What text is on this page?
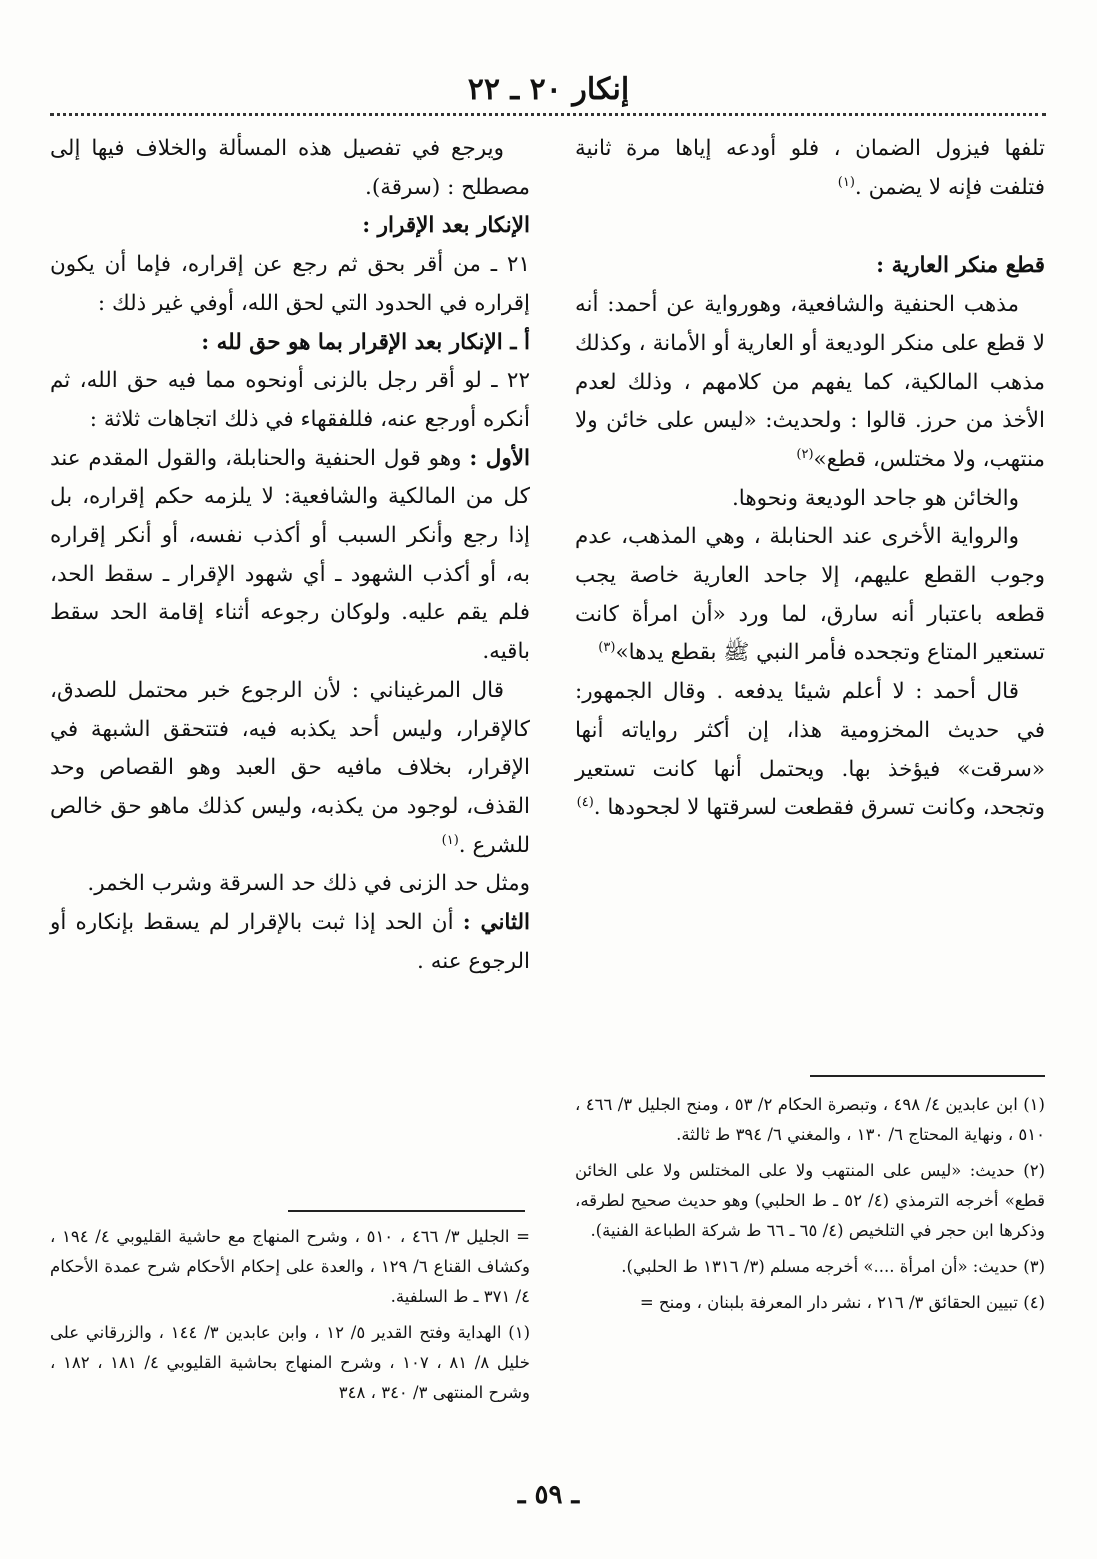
إنكار ٢٠ ـ ٢٢

تلفها فيزول الضمان ، فلو أودعه إياها مرة ثانية فتلفت فإنه لا يضمن .$^{(١)}$

قطع منكر العارية :

مذهب الحنفية والشافعية، وهورواية عن أحمد: أنه لا قطع على منكر الوديعة أو العارية أو الأمانة ، وكذلك مذهب المالكية، كما يفهم من كلامهم ، وذلك لعدم الأخذ من حرز. قالوا : ولحديث: «ليس على خائن ولا منتهب، ولا مختلس، قطع»$^{(٢)}$

والخائن هو جاحد الوديعة ونحوها.

والرواية الأخرى عند الحنابلة ، وهي المذهب، عدم وجوب القطع عليهم، إلا جاحد العارية خاصة يجب قطعه باعتبار أنه سارق، لما ورد «أن امرأة كانت تستعير المتاع وتجحده فأمر النبي ﷺ بقطع يدها»$^{(٣)}$

قال أحمد : لا أعلم شيئا يدفعه . وقال الجمهور: في حديث المخزومية هذا، إن أكثر رواياته أنها «سرقت» فيؤخذ بها. ويحتمل أنها كانت تستعير وتجحد، وكانت تسرق فقطعت لسرقتها لا لجحودها .$^{(٤)}$

ويرجع في تفصيل هذه المسألة والخلاف فيها إلى مصطلح : (سرقة).

الإنكار بعد الإقرار :

٢١ ـ من أقر بحق ثم رجع عن إقراره، فإما أن يكون إقراره في الحدود التي لحق الله، أوفي غير ذلك :

أ ـ الإنكار بعد الإقرار بما هو حق لله :

٢٢ ـ لو أقر رجل بالزنى أونحوه مما فيه حق الله، ثم أنكره أورجع عنه، فللفقهاء في ذلك اتجاهات ثلاثة :

الأول : وهو قول الحنفية والحنابلة، والقول المقدم عند كل من المالكية والشافعية: لا يلزمه حكم إقراره، بل إذا رجع وأنكر السبب أو أكذب نفسه، أو أنكر إقراره به، أو أكذب الشهود ـ أي شهود الإقرار ـ سقط الحد، فلم يقم عليه. ولوكان رجوعه أثناء إقامة الحد سقط باقيه.

قال المرغيناني : لأن الرجوع خبر محتمل للصدق، كالإقرار، وليس أحد يكذبه فيه، فتتحقق الشبهة في الإقرار، بخلاف مافيه حق العبد وهو القصاص وحد القذف، لوجود من يكذبه، وليس كذلك ماهو حق خالص للشرع .$^{(١)}$

ومثل حد الزنى في ذلك حد السرقة وشرب الخمر.

الثاني : أن الحد إذا ثبت بالإقرار لم يسقط بإنكاره أو الرجوع عنه .

(١) ابن عابدين ٤/ ٤٩٨ ، وتبصرة الحكام ٢/ ٥٣ ، ومنح الجليل ٣/ ٤٦٦ ، ٥١٠ ، ونهاية المحتاج ٦/ ١٣٠ ، والمغني ٦/ ٣٩٤ ط ثالثة.

(٢) حديث: «ليس على المنتهب ولا على المختلس ولا على الخائن قطع» أخرجه الترمذي (٤/ ٥٢ ـ ط الحلبي) وهو حديث صحيح لطرقه، وذكرها ابن حجر في التلخيص (٤/ ٦٥ ـ ٦٦ ط شركة الطباعة الفنية).

(٣) حديث: «أن امرأة ....» أخرجه مسلم (٣/ ١٣١٦ ط الحلبي).

(٤) تبيين الحقائق ٣/ ٢١٦ ، نشر دار المعرفة بلبنان ، ومنح =

= الجليل ٣/ ٤٦٦ ، ٥١٠ ، وشرح المنهاج مع حاشية القليوبي ٤/ ١٩٤ ، وكشاف القناع ٦/ ١٢٩ ، والعدة على إحكام الأحكام شرح عمدة الأحكام ٤/ ٣٧١ ـ ط السلفية.

(١) الهداية وفتح القدير ٥/ ١٢ ، وابن عابدين ٣/ ١٤٤ ، والزرقاني على خليل ٨/ ٨١ ، ١٠٧ ، وشرح المنهاج بحاشية القليوبي ٤/ ١٨١ ، ١٨٢ ، وشرح المنتهى ٣/ ٣٤٠ ، ٣٤٨

ـ ٥٩ ـ
